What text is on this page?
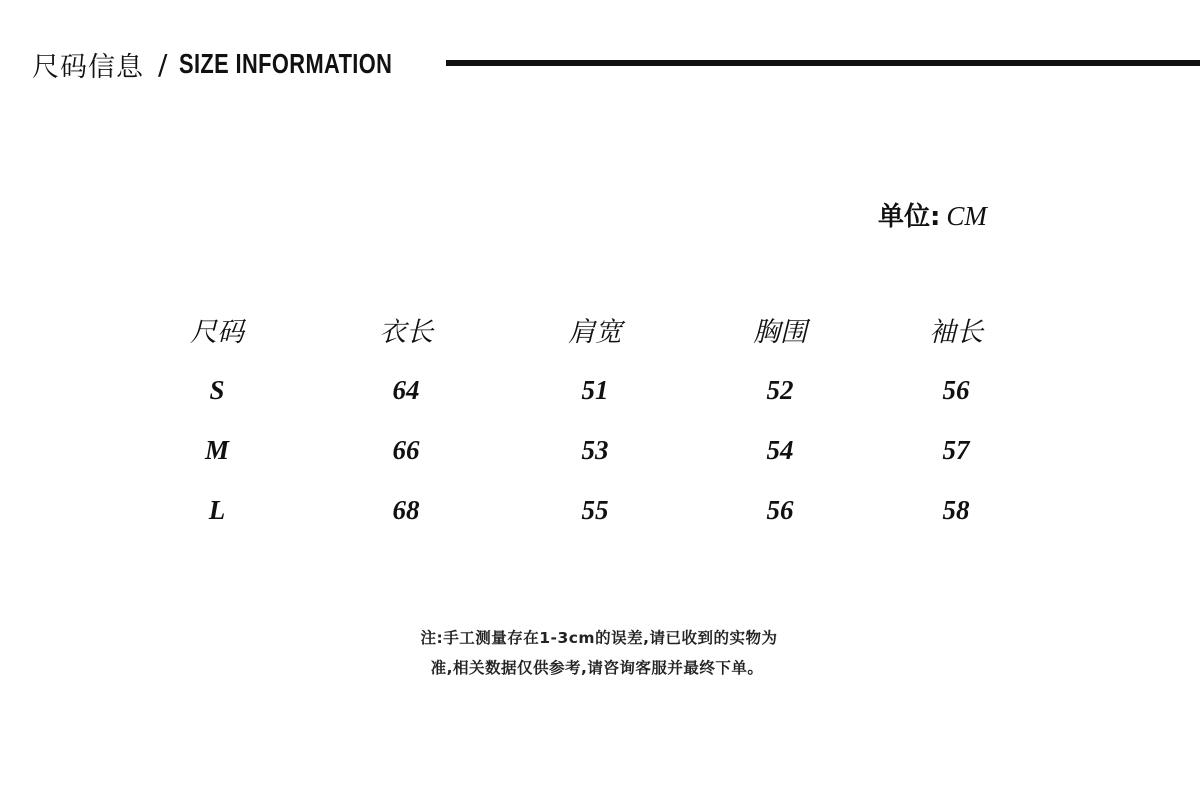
尺码信息 / SIZE INFORMATION
单位: CM
尺码	衣长	肩宽	胸围	袖长
S	64	51	52	56
M	66	53	54	57
L	68	55	56	58
注:手工测量存在1-3cm的误差,请已收到的实物为
准,相关数据仅供参考,请咨询客服并最终下单。
